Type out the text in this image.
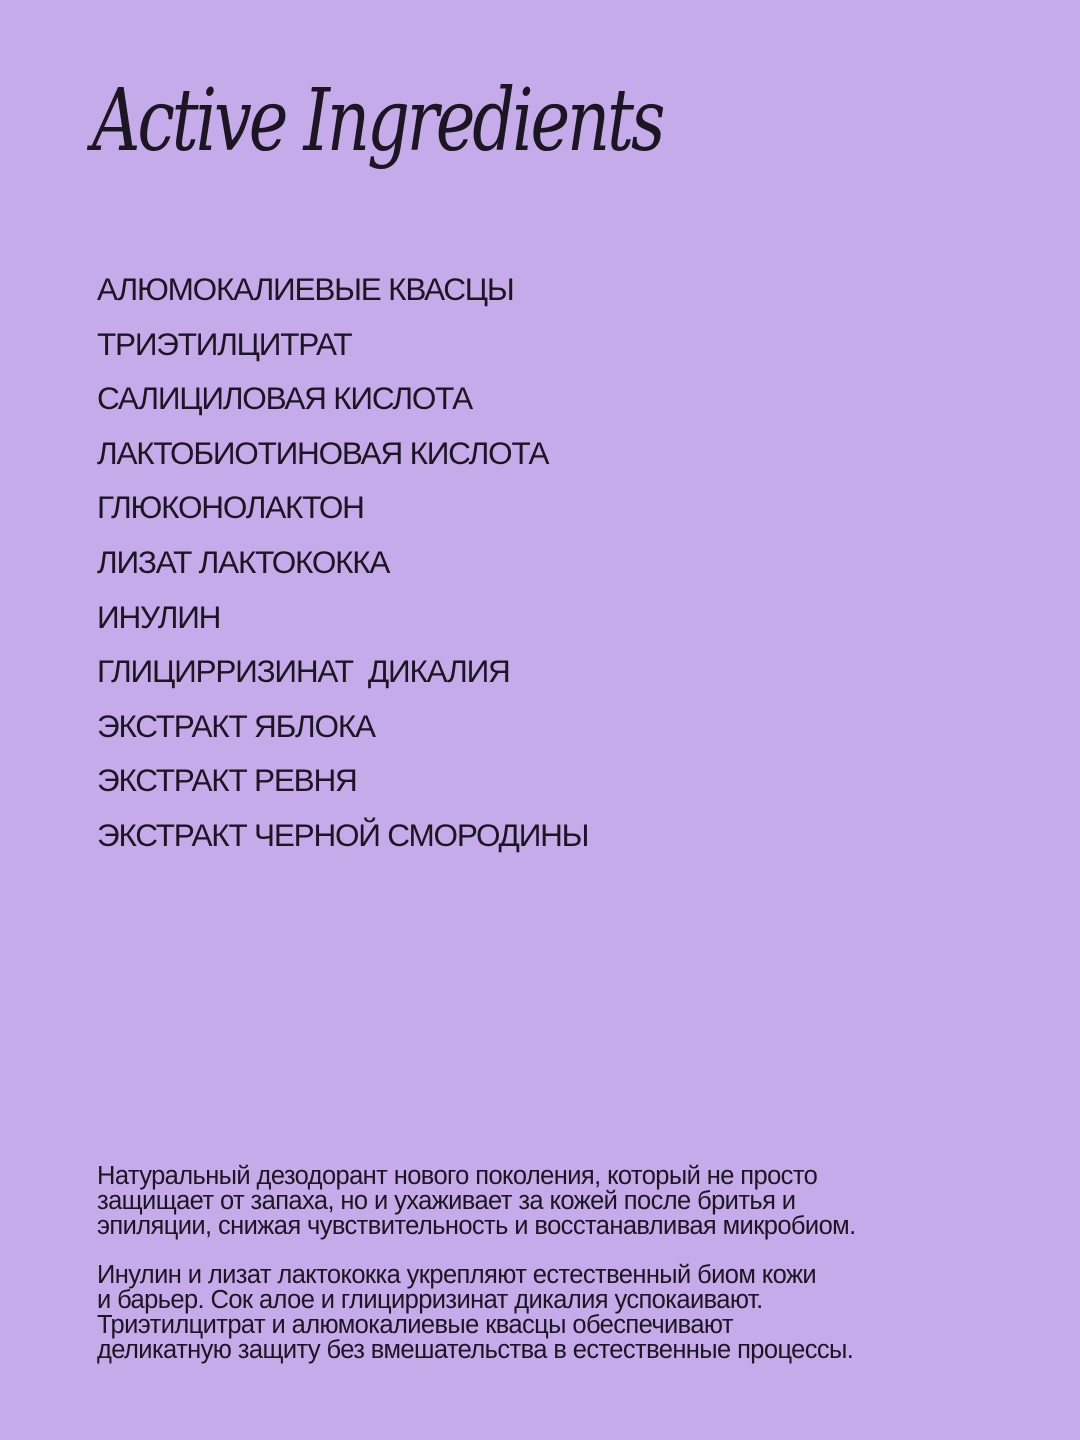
Active Ingredients
АЛЮМОКАЛИЕВЫЕ КВАСЦЫ
ТРИЭТИЛЦИТРАТ
САЛИЦИЛОВАЯ КИСЛОТА
ЛАКТОБИОТИНОВАЯ КИСЛОТА
ГЛЮКОНОЛАКТОН
ЛИЗАТ ЛАКТОКОККА
ИНУЛИН
ГЛИЦИРРИЗИНАТ  ДИКАЛИЯ
ЭКСТРАКТ ЯБЛОКА
ЭКСТРАКТ РЕВНЯ
ЭКСТРАКТ ЧЕРНОЙ СМОРОДИНЫ

Натуральный дезодорант нового поколения, который не просто
защищает от запаха, но и ухаживает за кожей после бритья и
эпиляции, снижая чувствительность и восстанавливая микробиом.

Инулин и лизат лактококка укрепляют естественный биом кожи
и барьер. Сок алое и глицирризинат дикалия успокаивают.
Триэтилцитрат и алюмокалиевые квасцы обеспечивают
деликатную защиту без вмешательства в естественные процессы.
